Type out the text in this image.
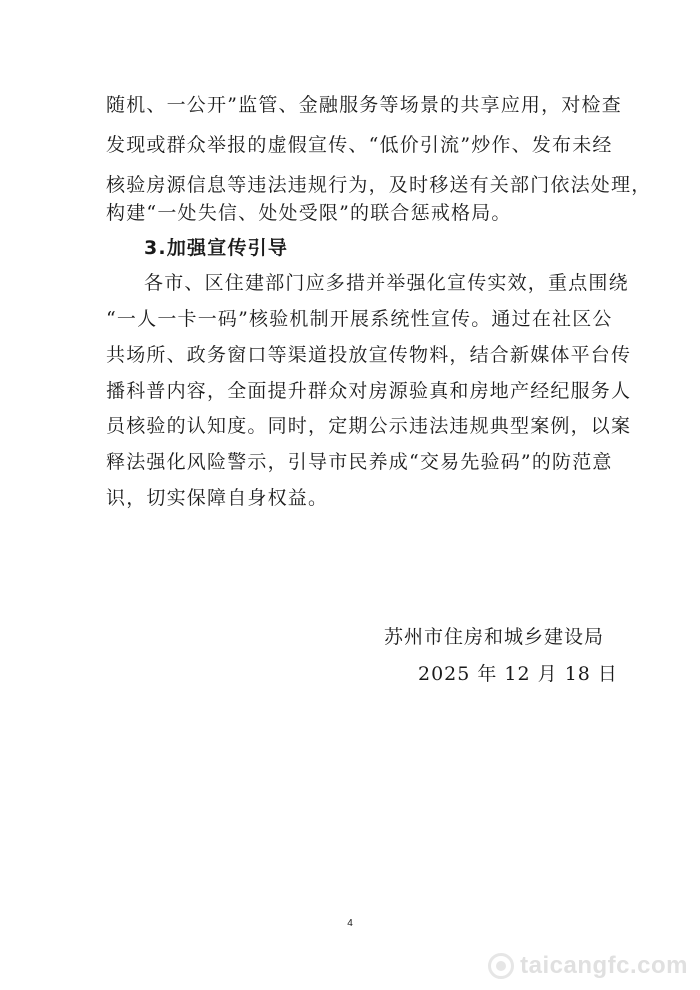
随机、一公开”监管、金融服务等场景的共享应用，对检查
发现或群众举报的虚假宣传、“低价引流”炒作、发布未经
核验房源信息等违法违规行为，及时移送有关部门依法处理，
构建“一处失信、处处受限”的联合惩戒格局。
3.加强宣传引导
各市、区住建部门应多措并举强化宣传实效，重点围绕
“一人一卡一码”核验机制开展系统性宣传。通过在社区公
共场所、政务窗口等渠道投放宣传物料，结合新媒体平台传
播科普内容，全面提升群众对房源验真和房地产经纪服务人
员核验的认知度。同时，定期公示违法违规典型案例，以案
释法强化风险警示，引导市民养成“交易先验码”的防范意
识，切实保障自身权益。
苏州市住房和城乡建设局
2025 年 12 月 18 日
4
taicangfc.com
